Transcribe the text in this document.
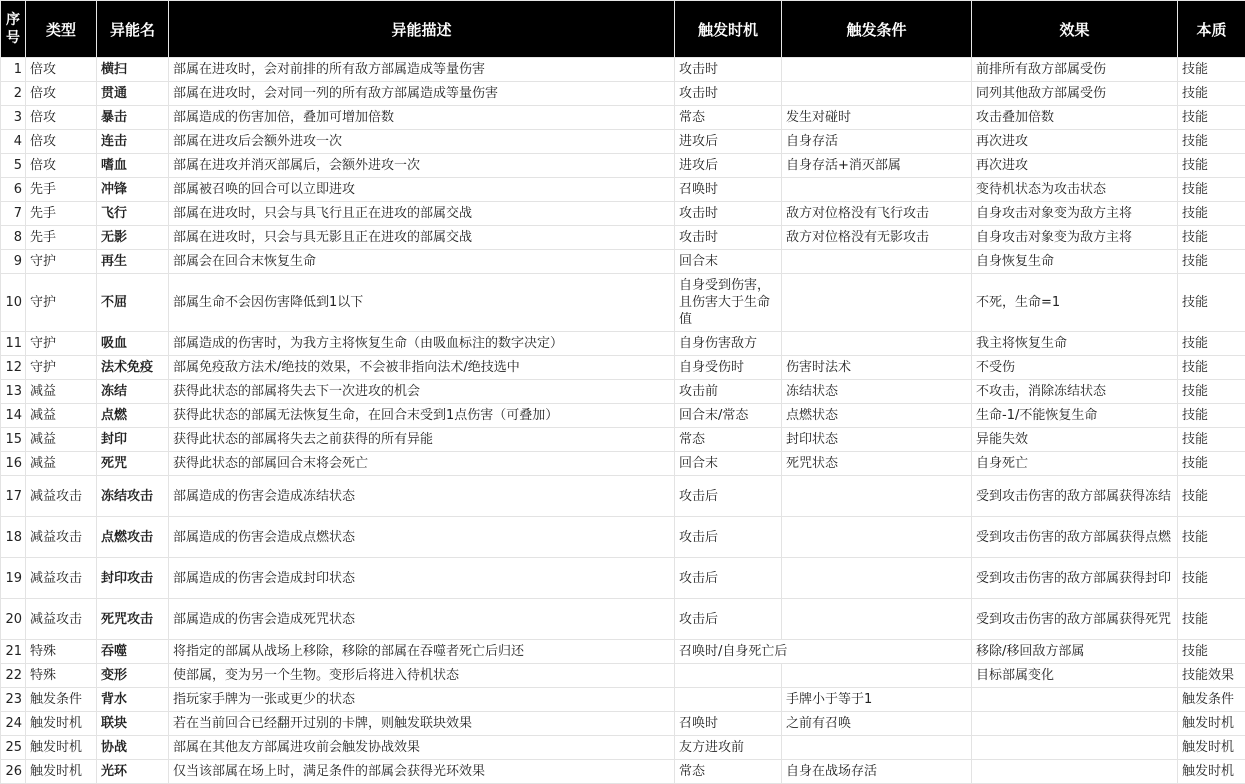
序号	类型	异能名	异能描述	触发时机	触发条件	效果	本质
1	倍攻	横扫	部属在进攻时，会对前排的所有敌方部属造成等量伤害	攻击时		前排所有敌方部属受伤	技能
2	倍攻	贯通	部属在进攻时，会对同一列的所有敌方部属造成等量伤害	攻击时		同列其他敌方部属受伤	技能
3	倍攻	暴击	部属造成的伤害加倍，叠加可增加倍数	常态	发生对碰时	攻击叠加倍数	技能
4	倍攻	连击	部属在进攻后会额外进攻一次	进攻后	自身存活	再次进攻	技能
5	倍攻	嗜血	部属在进攻并消灭部属后，会额外进攻一次	进攻后	自身存活+消灭部属	再次进攻	技能
6	先手	冲锋	部属被召唤的回合可以立即进攻	召唤时		变待机状态为攻击状态	技能
7	先手	飞行	部属在进攻时，只会与具飞行且正在进攻的部属交战	攻击时	敌方对位格没有飞行攻击	自身攻击对象变为敌方主将	技能
8	先手	无影	部属在进攻时，只会与具无影且正在进攻的部属交战	攻击时	敌方对位格没有无影攻击	自身攻击对象变为敌方主将	技能
9	守护	再生	部属会在回合末恢复生命	回合末		自身恢复生命	技能
10	守护	不屈	部属生命不会因伤害降低到1以下	自身受到伤害，且伤害大于生命值		不死，生命=1	技能
11	守护	吸血	部属造成的伤害时，为我方主将恢复生命（由吸血标注的数字决定）	自身伤害敌方		我主将恢复生命	技能
12	守护	法术免疫	部属免疫敌方法术/绝技的效果，不会被非指向法术/绝技选中	自身受伤时	伤害时法术	不受伤	技能
13	减益	冻结	获得此状态的部属将失去下一次进攻的机会	攻击前	冻结状态	不攻击，消除冻结状态	技能
14	减益	点燃	获得此状态的部属无法恢复生命，在回合末受到1点伤害（可叠加）	回合末/常态	点燃状态	生命-1/不能恢复生命	技能
15	减益	封印	获得此状态的部属将失去之前获得的所有异能	常态	封印状态	异能失效	技能
16	减益	死咒	获得此状态的部属回合末将会死亡	回合末	死咒状态	自身死亡	技能
17	减益攻击	冻结攻击	部属造成的伤害会造成冻结状态	攻击后		受到攻击伤害的敌方部属获得冻结	技能
18	减益攻击	点燃攻击	部属造成的伤害会造成点燃状态	攻击后		受到攻击伤害的敌方部属获得点燃	技能
19	减益攻击	封印攻击	部属造成的伤害会造成封印状态	攻击后		受到攻击伤害的敌方部属获得封印	技能
20	减益攻击	死咒攻击	部属造成的伤害会造成死咒状态	攻击后		受到攻击伤害的敌方部属获得死咒	技能
21	特殊	吞噬	将指定的部属从战场上移除，移除的部属在吞噬者死亡后归还	召唤时/自身死亡后		移除/移回敌方部属	技能
22	特殊	变形	使部属，变为另一个生物。变形后将进入待机状态			目标部属变化	技能效果
23	触发条件	背水	指玩家手牌为一张或更少的状态		手牌小于等于1		触发条件
24	触发时机	联块	若在当前回合已经翻开过别的卡牌，则触发联块效果	召唤时	之前有召唤		触发时机
25	触发时机	协战	部属在其他友方部属进攻前会触发协战效果	友方进攻前			触发时机
26	触发时机	光环	仅当该部属在场上时，满足条件的部属会获得光环效果	常态	自身在战场存活		触发时机
